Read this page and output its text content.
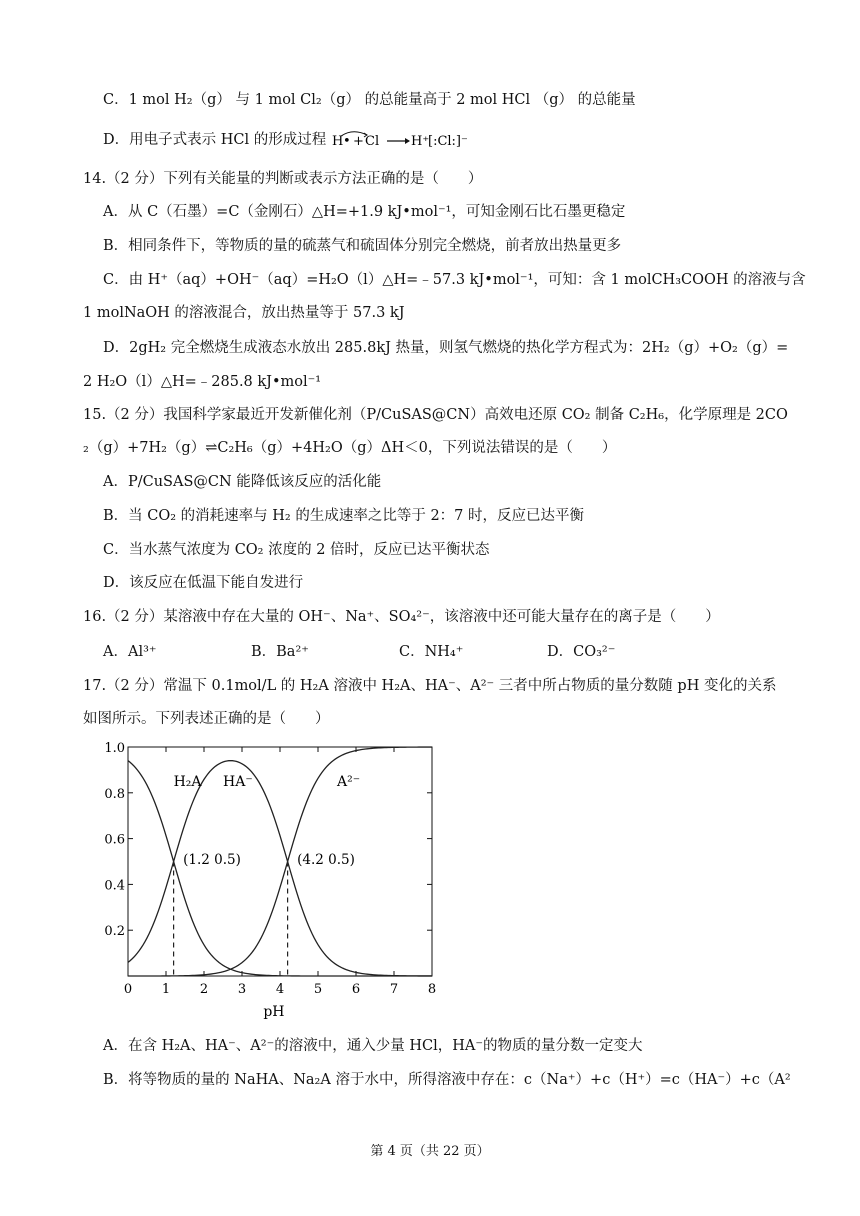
C．1 mol H₂（g） 与 1 mol Cl₂（g） 的总能量高于 2 mol HCl （g） 的总能量
D．用电子式表示 HCl 的形成过程 H • + Cl H⁺
[:Cl:]⁻
14.（2 分）下列有关能量的判断或表示方法正确的是（　　）
A．从 C（石墨）=C（金刚石）△H=+1.9 kJ•mol⁻¹，可知金刚石比石墨更稳定
B．相同条件下，等物质的量的硫蒸气和硫固体分别完全燃烧，前者放出热量更多
C．由 H⁺（aq）+OH⁻（aq）=H₂O（l）△H=﹣57.3 kJ•mol⁻¹，可知：含 1 molCH₃COOH 的溶液与含
1 molNaOH 的溶液混合，放出热量等于 57.3 kJ
D．2gH₂ 完全燃烧生成液态水放出 285.8kJ 热量，则氢气燃烧的热化学方程式为：2H₂（g）+O₂（g）=
2 H₂O（l）△H=﹣285.8 kJ•mol⁻¹
15.（2 分）我国科学家最近开发新催化剂（P/CuSAS@CN）高效电还原 CO₂ 制备 C₂H₆，化学原理是 2CO
₂（g）+7H₂（g）⇌C₂H₆（g）+4H₂O（g）ΔH＜0，下列说法错误的是（　　）
A．P/CuSAS@CN 能降低该反应的活化能
B．当 CO₂ 的消耗速率与 H₂ 的生成速率之比等于 2：7 时，反应已达平衡
C．当水蒸气浓度为 CO₂ 浓度的 2 倍时，反应已达平衡状态
D．该反应在低温下能自发进行
16.（2 分）某溶液中存在大量的 OH⁻、Na⁺、SO₄²⁻，该溶液中还可能大量存在的离子是（　　）
A．Al³⁺	B．Ba²⁺	C．NH₄⁺	D．CO₃²⁻
17.（2 分）常温下 0.1mol/L 的 H₂A 溶液中 H₂A、HA⁻、A²⁻ 三者中所占物质的量分数随 pH 变化的关系
如图所示。下列表述正确的是（　　）
0 1 2 3 4 5 6 7 8
0.2
0.4
0.6
0.8
1.0
pH
H₂A HA⁻	A²⁻
(1.2 0.5)	(4.2 0.5)
A．在含 H₂A、HA⁻、A²⁻的溶液中，通入少量 HCl，HA⁻的物质的量分数一定变大
B．将等物质的量的 NaHA、Na₂A 溶于水中，所得溶液中存在：c（Na⁺）+c（H⁺）=c（HA⁻）+c（A²
第 4 页（共 22 页）
